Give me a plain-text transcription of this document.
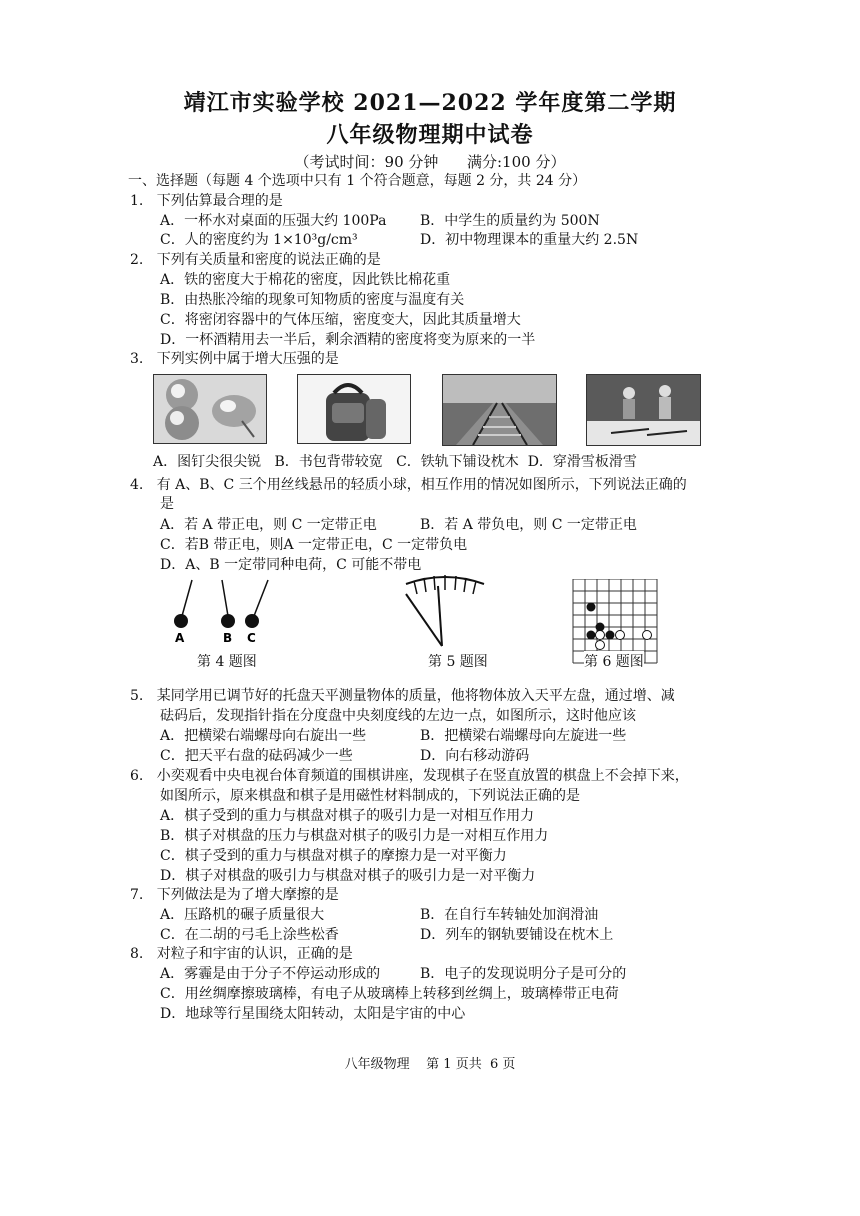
靖江市实验学校 2021—2022 学年度第二学期
八年级物理期中试卷
（考试时间：90 分钟      满分:100 分）
一、选择题（每题 4 个选项中只有 1 个符合题意，每题 2 分，共 24 分）
1.   下列估算最合理的是
A．一杯水对桌面的压强大约 100Pa B．中学生的质量约为 500N
C．人的密度约为 1×10³g/cm³	D．初中物理课本的重量大约 2.5N
2.   下列有关质量和密度的说法正确的是
A．铁的密度大于棉花的密度，因此铁比棉花重
B．由热胀冷缩的现象可知物质的密度与温度有关
C．将密闭容器中的气体压缩，密度变大，因此其质量增大
D．一杯酒精用去一半后，剩余酒精的密度将变为原来的一半
3.   下列实例中属于增大压强的是
A．图钉尖很尖锐   B．书包背带较宽   C．铁轨下铺设枕木  D．穿滑雪板滑雪
4.   有 A、B、C 三个用丝线悬吊的轻质小球，相互作用的情况如图所示，下列说法正确的
是
A．若 A 带正电，则 C 一定带正电	B．若 A 带负电，则 C 一定带正电
C．若B 带正电，则A 一定带正电，C 一定带负电
D．A、B 一定带同种电荷，C 可能不带电
A	B C
第 4 题图	第 5 题图	第 6 题图
5.   某同学用已调节好的托盘天平测量物体的质量，他将物体放入天平左盘，通过增、减
砝码后，发现指针指在分度盘中央刻度线的左边一点，如图所示，这时他应该
A．把横梁右端螺母向右旋出一些	B．把横梁右端螺母向左旋进一些
C．把天平右盘的砝码减少一些	D．向右移动游码
6.   小奕观看中央电视台体育频道的围棋讲座，发现棋子在竖直放置的棋盘上不会掉下来，
如图所示，原来棋盘和棋子是用磁性材料制成的，下列说法正确的是
A．棋子受到的重力与棋盘对棋子的吸引力是一对相互作用力
B．棋子对棋盘的压力与棋盘对棋子的吸引力是一对相互作用力
C．棋子受到的重力与棋盘对棋子的摩擦力是一对平衡力
D．棋子对棋盘的吸引力与棋盘对棋子的吸引力是一对平衡力
7.   下列做法是为了增大摩擦的是
A．压路机的碾子质量很大	B．在自行车转轴处加润滑油
C．在二胡的弓毛上涂些松香	D．列车的钢轨要铺设在枕木上
8.   对粒子和宇宙的认识，正确的是
A．雾霾是由于分子不停运动形成的	B．电子的发现说明分子是可分的
C．用丝绸摩擦玻璃棒，有电子从玻璃棒上转移到丝绸上，玻璃棒带正电荷
D．地球等行星围绕太阳转动，太阳是宇宙的中心
八年级物理    第 1 页共  6 页
